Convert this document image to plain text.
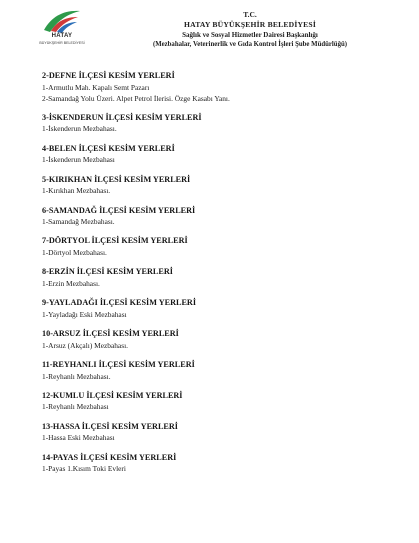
HATAY
BÜYÜKŞEHİR BELEDİYESİ
T.C.
HATAY BÜYÜKŞEHİR BELEDİYESİ
Sağlık ve Sosyal Hizmetler Dairesi Başkanlığı
(Mezbahalar, Veterinerlik ve Gıda Kontrol İşleri Şube Müdürlüğü)
2-DEFNE İLÇESİ KESİM YERLERİ
1-Armutlu Mah. Kapalı Semt Pazarı
2-Samandağ Yolu Üzeri. Alpet Petrol İlerisi. Özge Kasabı Yanı.
3-İSKENDERUN İLÇESİ KESİM YERLERİ
1-İskenderun Mezbahası.
4-BELEN İLÇESİ KESİM YERLERİ
1-İskenderun Mezbahası
5-KIRIKHAN İLÇESİ KESİM YERLERİ
1-Kırıkhan Mezbahası.
6-SAMANDAĞ İLÇESİ KESİM YERLERİ
1-Samandağ Mezbahası.
7-DÖRTYOL İLÇESİ KESİM YERLERİ
1-Dörtyol Mezbahası.
8-ERZİN İLÇESİ KESİM YERLERİ
1-Erzin Mezbahası.
9-YAYLADAĞI İLÇESİ KESİM YERLERİ
1-Yayladağı Eski Mezbahası
10-ARSUZ İLÇESİ KESİM YERLERİ
1-Arsuz (Akçalı) Mezbahası.
11-REYHANLI İLÇESİ KESİM YERLERİ
1-Reyhanlı Mezbahası.
12-KUMLU İLÇESİ KESİM YERLERİ
1-Reyhanlı Mezbahası
13-HASSA İLÇESİ KESİM YERLERİ
1-Hassa Eski Mezbahası
14-PAYAS İLÇESİ KESİM YERLERİ
1-Payas 1.Kısım Toki Evleri
